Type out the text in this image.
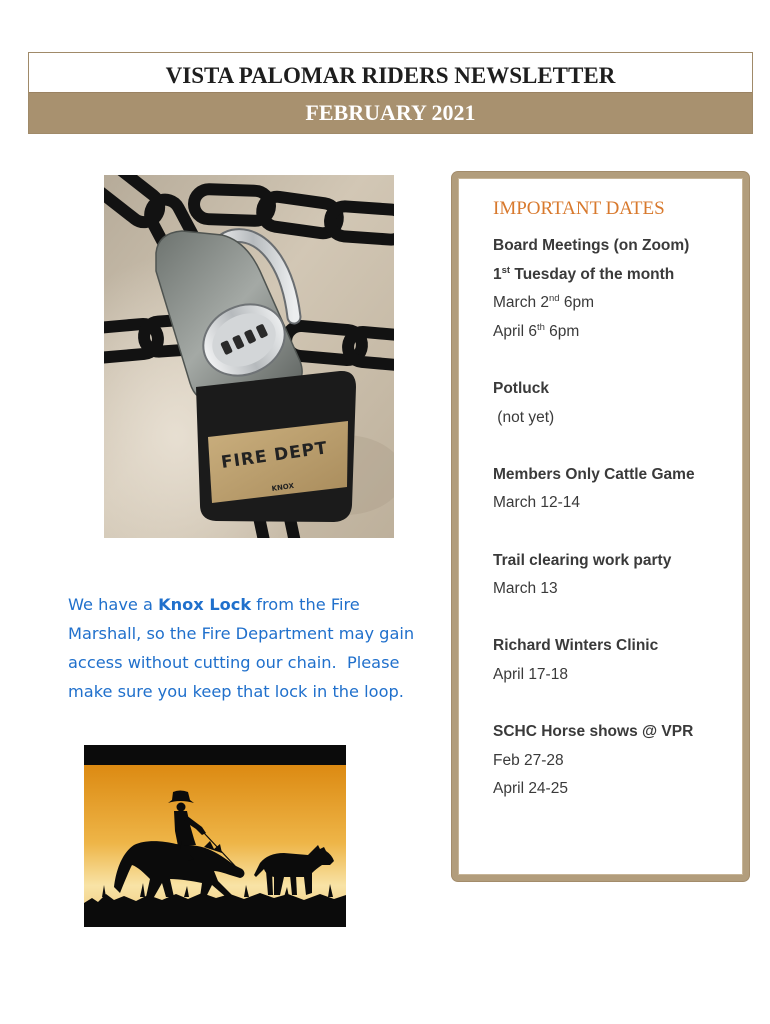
VISTA PALOMAR RIDERS NEWSLETTER
FEBRUARY 2021
FIRE DEPT
KNOX
We have a Knox Lock from the Fire
Marshall, so the Fire Department may gain
access without cutting our chain.  Please
make sure you keep that lock in the loop.
IMPORTANT DATES
Board Meetings (on Zoom)
1st Tuesday of the month
March 2nd 6pm
April 6th 6pm
Potluck
(not yet)
Members Only Cattle Game
March 12-14
Trail clearing work party
March 13
Richard Winters Clinic
April 17-18
SCHC Horse shows @ VPR
Feb 27-28
April 24-25
